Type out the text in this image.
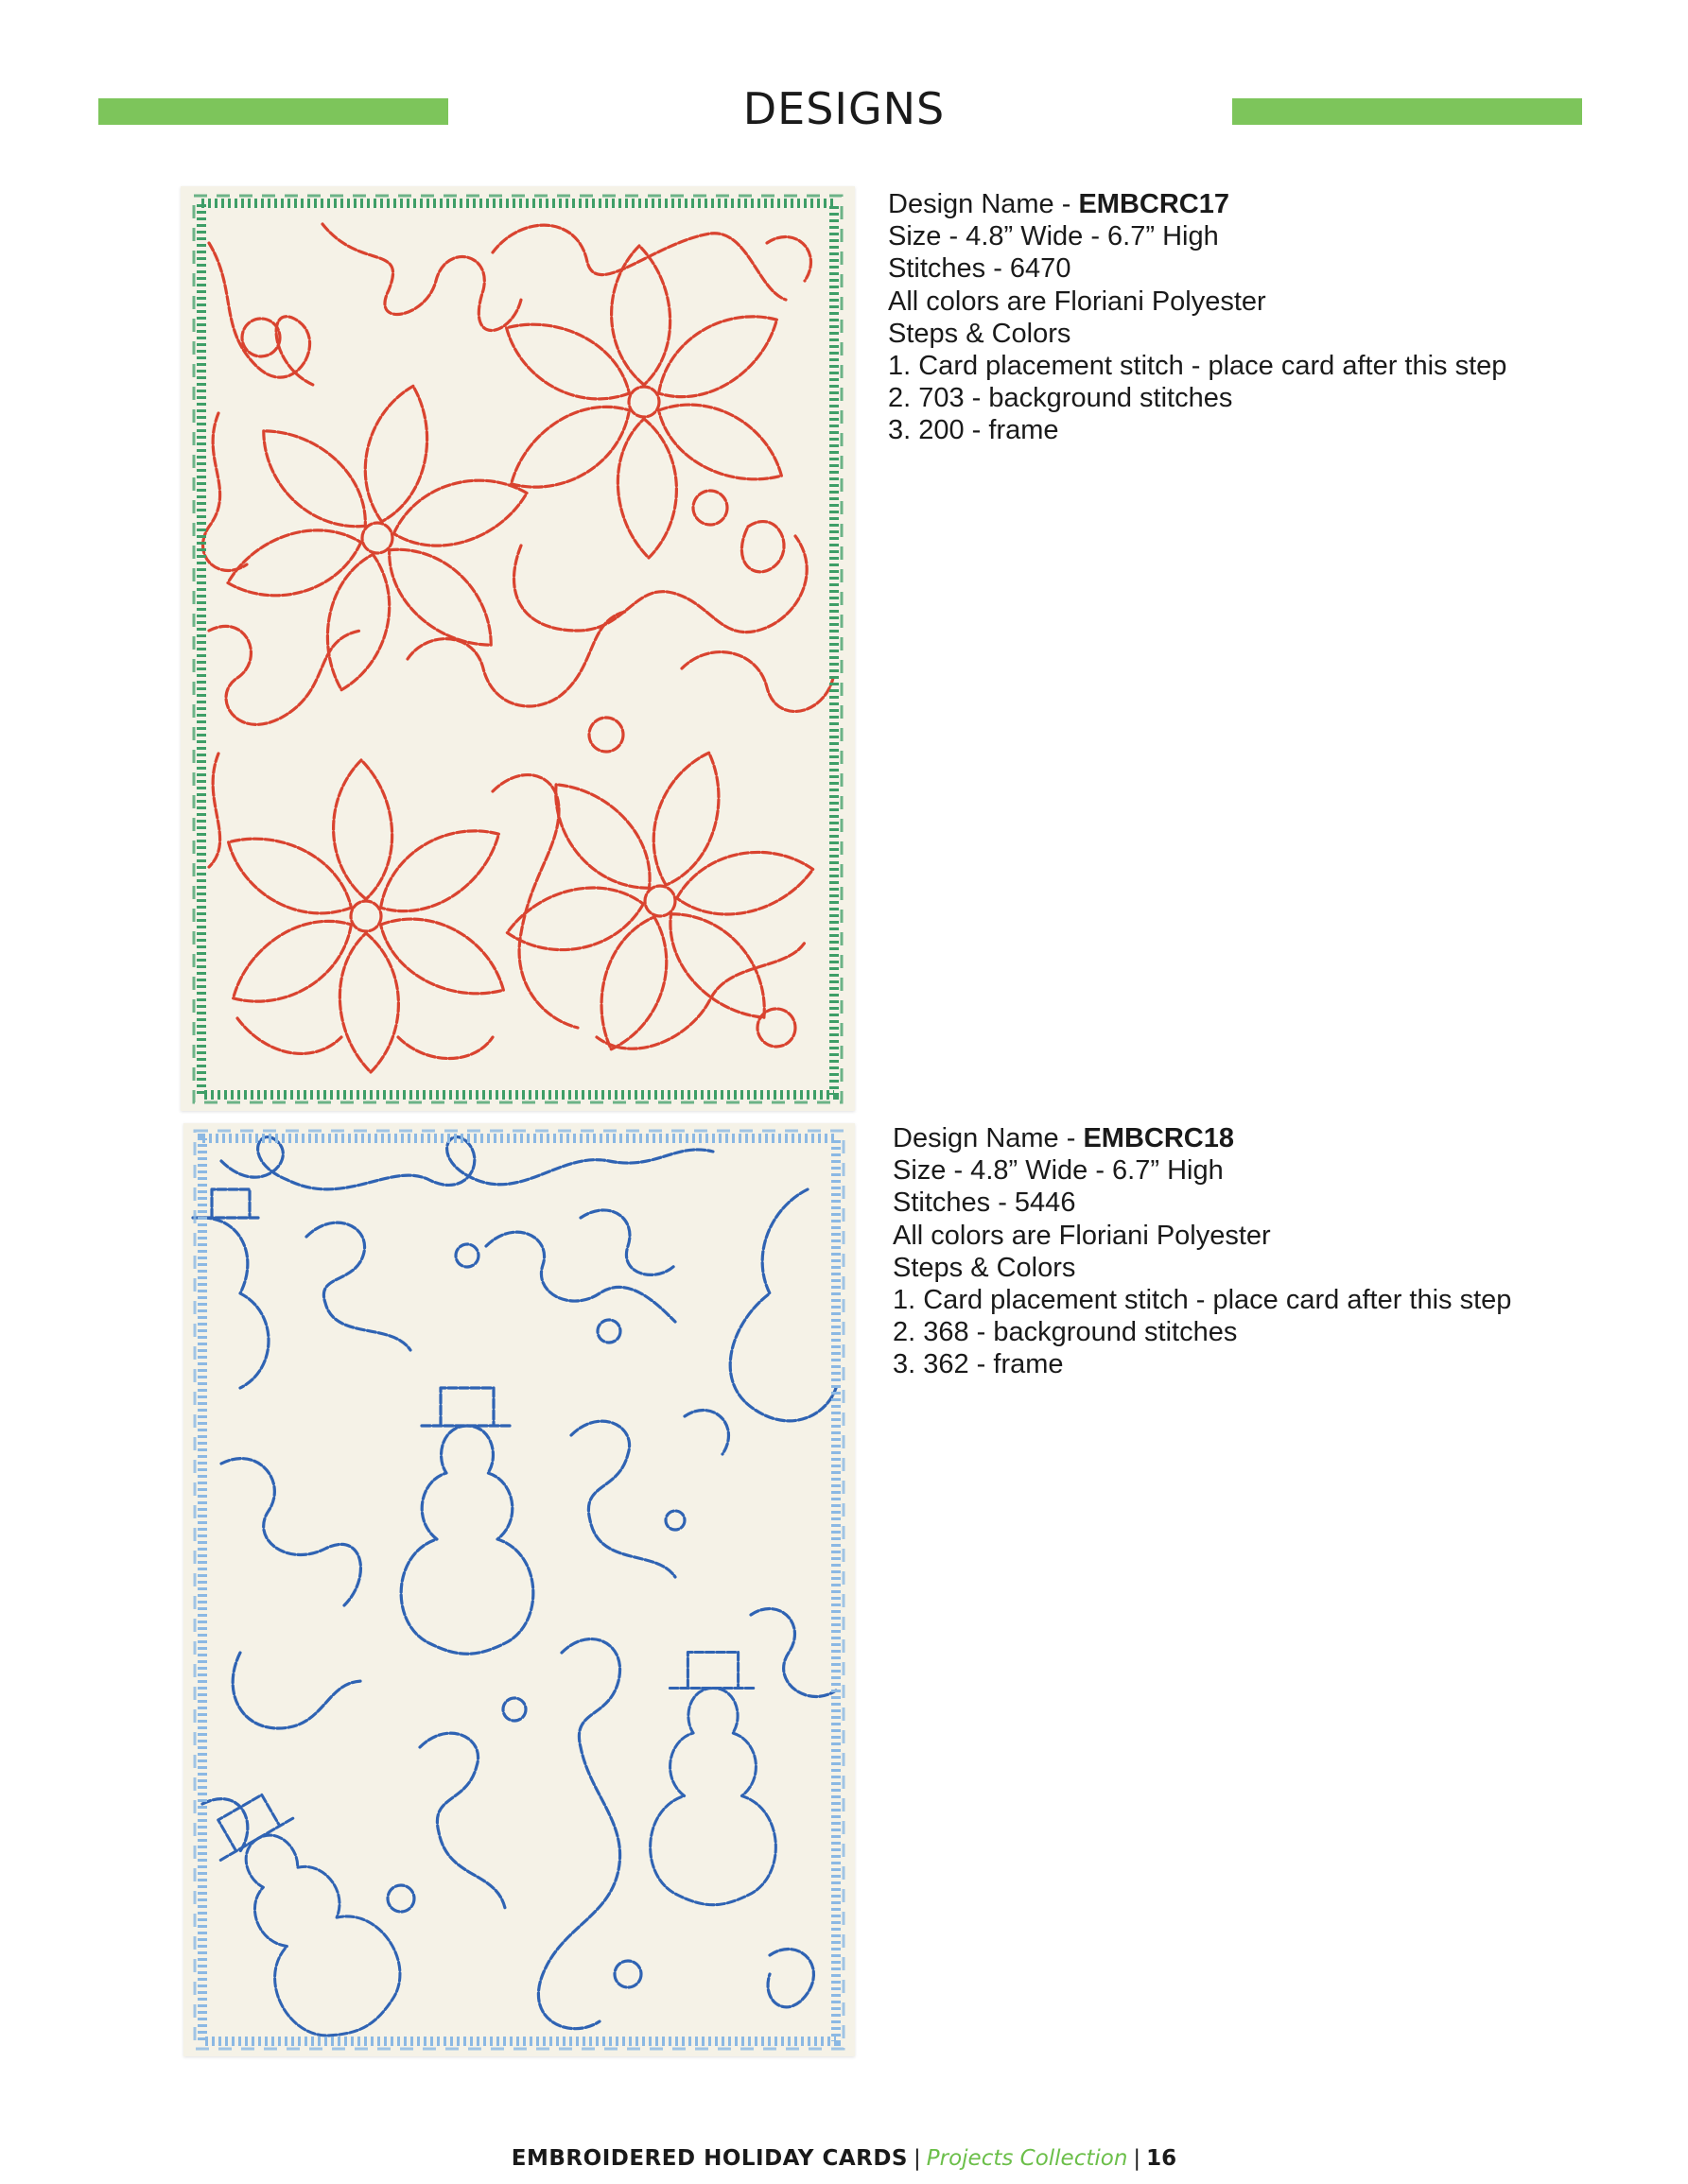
DESIGNS
Design Name - EMBCRC17
Size - 4.8” Wide - 6.7” High
Stitches - 6470
All colors are Floriani Polyester
Steps & Colors
1. Card placement stitch - place card after this step
2. 703 - background stitches
3. 200 - frame
Design Name - EMBCRC18
Size - 4.8” Wide - 6.7” High
Stitches - 5446
All colors are Floriani Polyester
Steps & Colors
1. Card placement stitch - place card after this step
2. 368 - background stitches
3. 362 - frame
EMBROIDERED HOLIDAY CARDS | Projects Collection | 16
